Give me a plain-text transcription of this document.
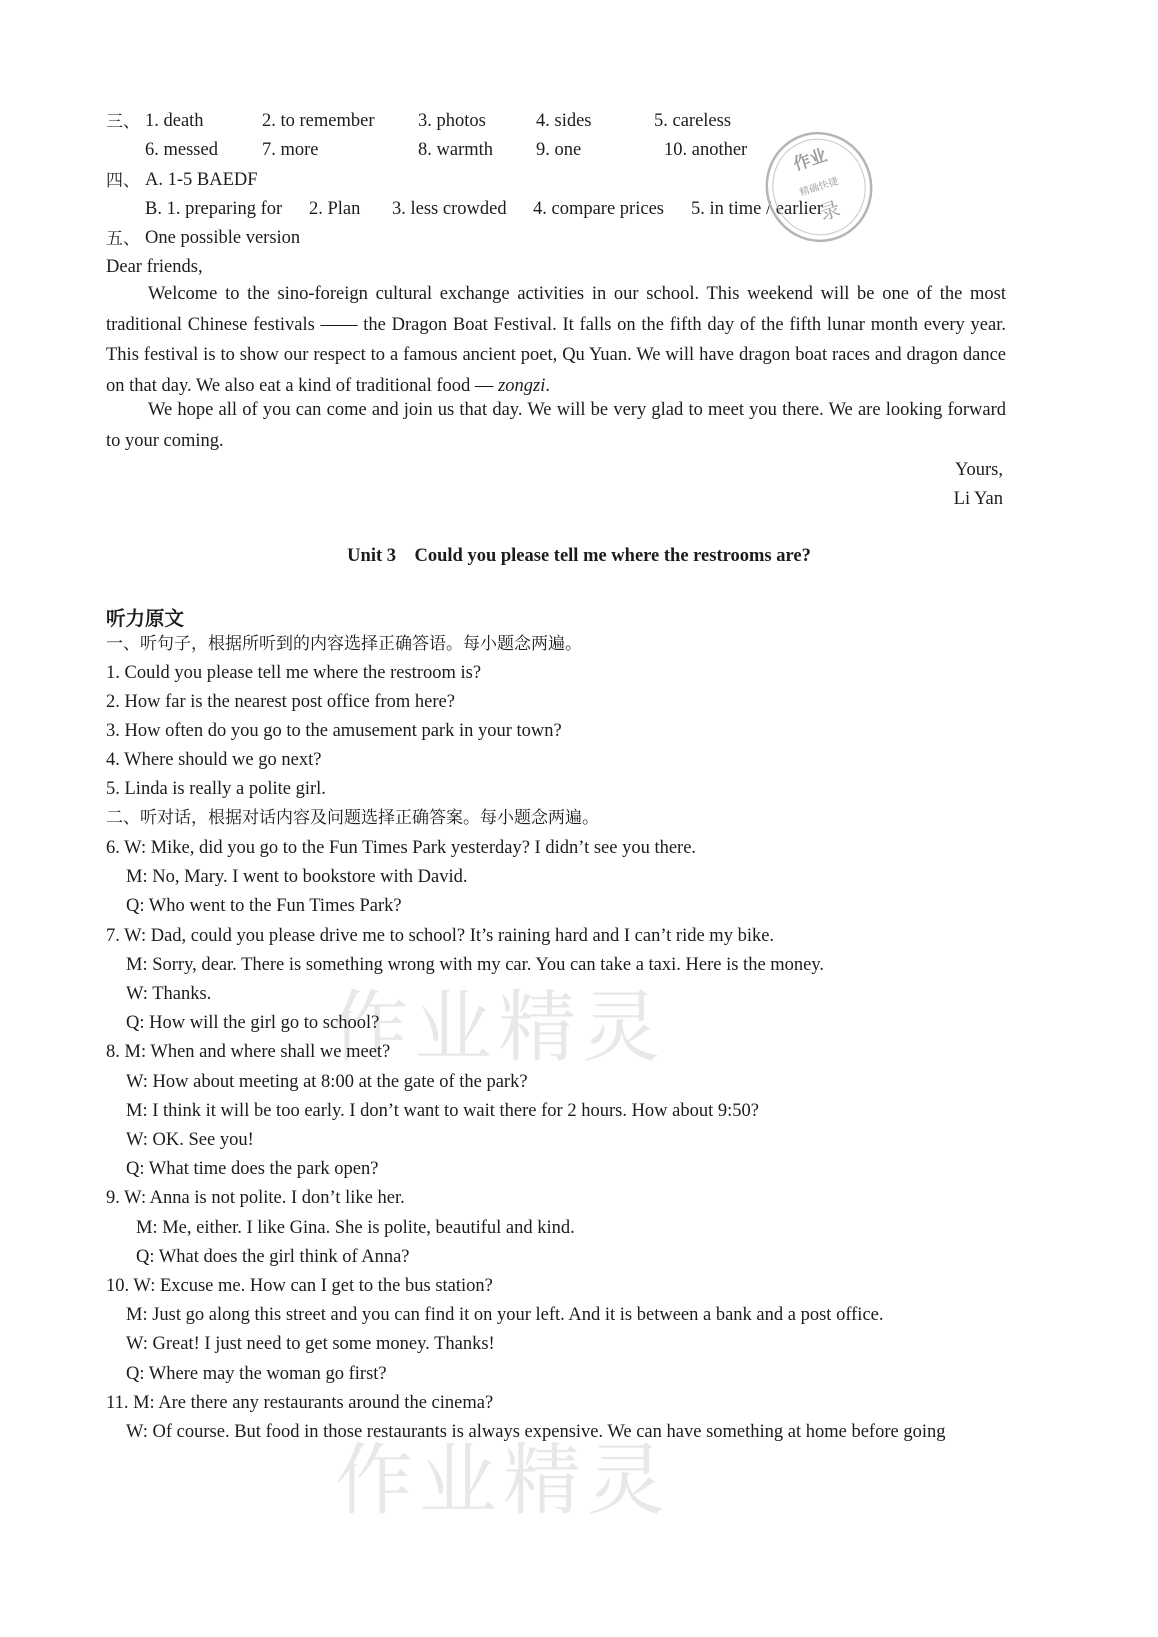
三、 1. death	2. to remember 3. photos	4. sides	5. careless
6. messed 7. more	8. warmth 9. one	10. another
四、 A. 1-5 BAEDF
B. 1. preparing for 2. Plan 3. less crowded 4. compare prices 5. in time / earlier
五、 One possible version
Dear friends,
Welcome to the sino-foreign cultural exchange activities in our school. This weekend will be one of the most traditional Chinese festivals —— the Dragon Boat Festival. It falls on the fifth day of the fifth lunar month every year. This festival is to show our respect to a famous ancient poet, Qu Yuan. We will have dragon boat races and dragon dance on that day. We also eat a kind of traditional food — zongzi.
We hope all of you can come and join us that day. We will be very glad to meet you there. We are looking forward to your coming.
Yours,
Li Yan
Unit 3    Could you please tell me where the restrooms are?
听力原文
一、听句子，根据所听到的内容选择正确答语。每小题念两遍。
1. Could you please tell me where the restroom is?
2. How far is the nearest post office from here?
3. How often do you go to the amusement park in your town?
4. Where should we go next?
5. Linda is really a polite girl.
二、听对话，根据对话内容及问题选择正确答案。每小题念两遍。
6. W: Mike, did you go to the Fun Times Park yesterday? I didn’t see you there.
M: No, Mary. I went to bookstore with David.
Q: Who went to the Fun Times Park?
7. W: Dad, could you please drive me to school? It’s raining hard and I can’t ride my bike.
M: Sorry, dear. There is something wrong with my car. You can take a taxi. Here is the money.
W: Thanks.
Q: How will the girl go to school?
8. M: When and where shall we meet?
W: How about meeting at 8:00 at the gate of the park?
M: I think it will be too early. I don’t want to wait there for 2 hours. How about 9:50?
W: OK. See you!
Q: What time does the park open?
9. W: Anna is not polite. I don’t like her.
M: Me, either. I like Gina. She is polite, beautiful and kind.
Q: What does the girl think of Anna?
10. W: Excuse me. How can I get to the bus station?
M: Just go along this street and you can find it on your left. And it is between a bank and a post office.
W: Great! I just need to get some money. Thanks!
Q: Where may the woman go first?
11. M: Are there any restaurants around the cinema?
W: Of course. But food in those restaurants is always expensive. We can have something at home before going
作业
精确快捷
录
作业精灵
作业精灵
